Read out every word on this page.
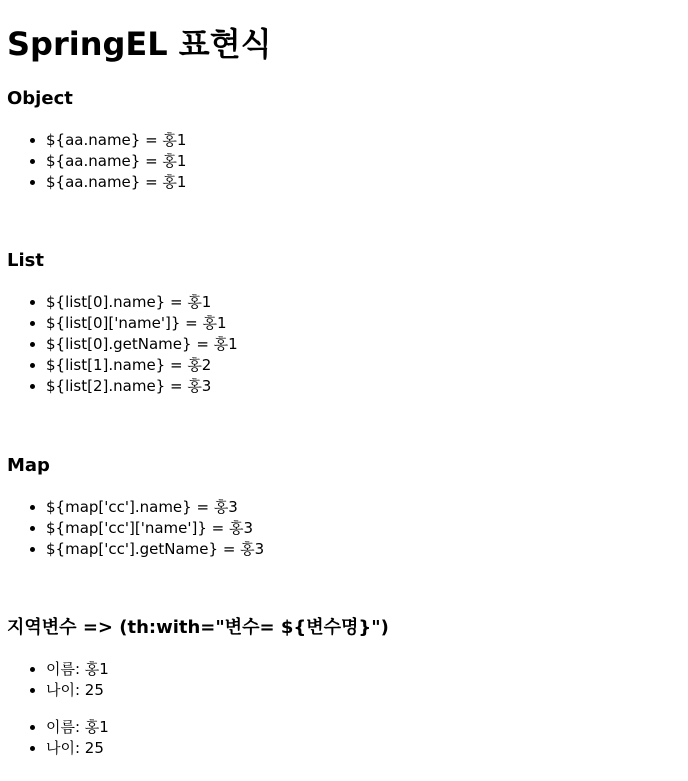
SpringEL 표현식
Object
• ${aa.name} = 홍1
• ${aa.name} = 홍1
• ${aa.name} = 홍1
List
• ${list[0].name} = 홍1
• ${list[0]['name']} = 홍1
• ${list[0].getName} = 홍1
• ${list[1].name} = 홍2
• ${list[2].name} = 홍3
Map
• ${map['cc'].name} = 홍3
• ${map['cc']['name']} = 홍3
• ${map['cc'].getName} = 홍3
지역변수 => (th:with="변수= ${변수명}")
• 이름: 홍1
• 나이: 25
• 이름: 홍1
• 나이: 25
